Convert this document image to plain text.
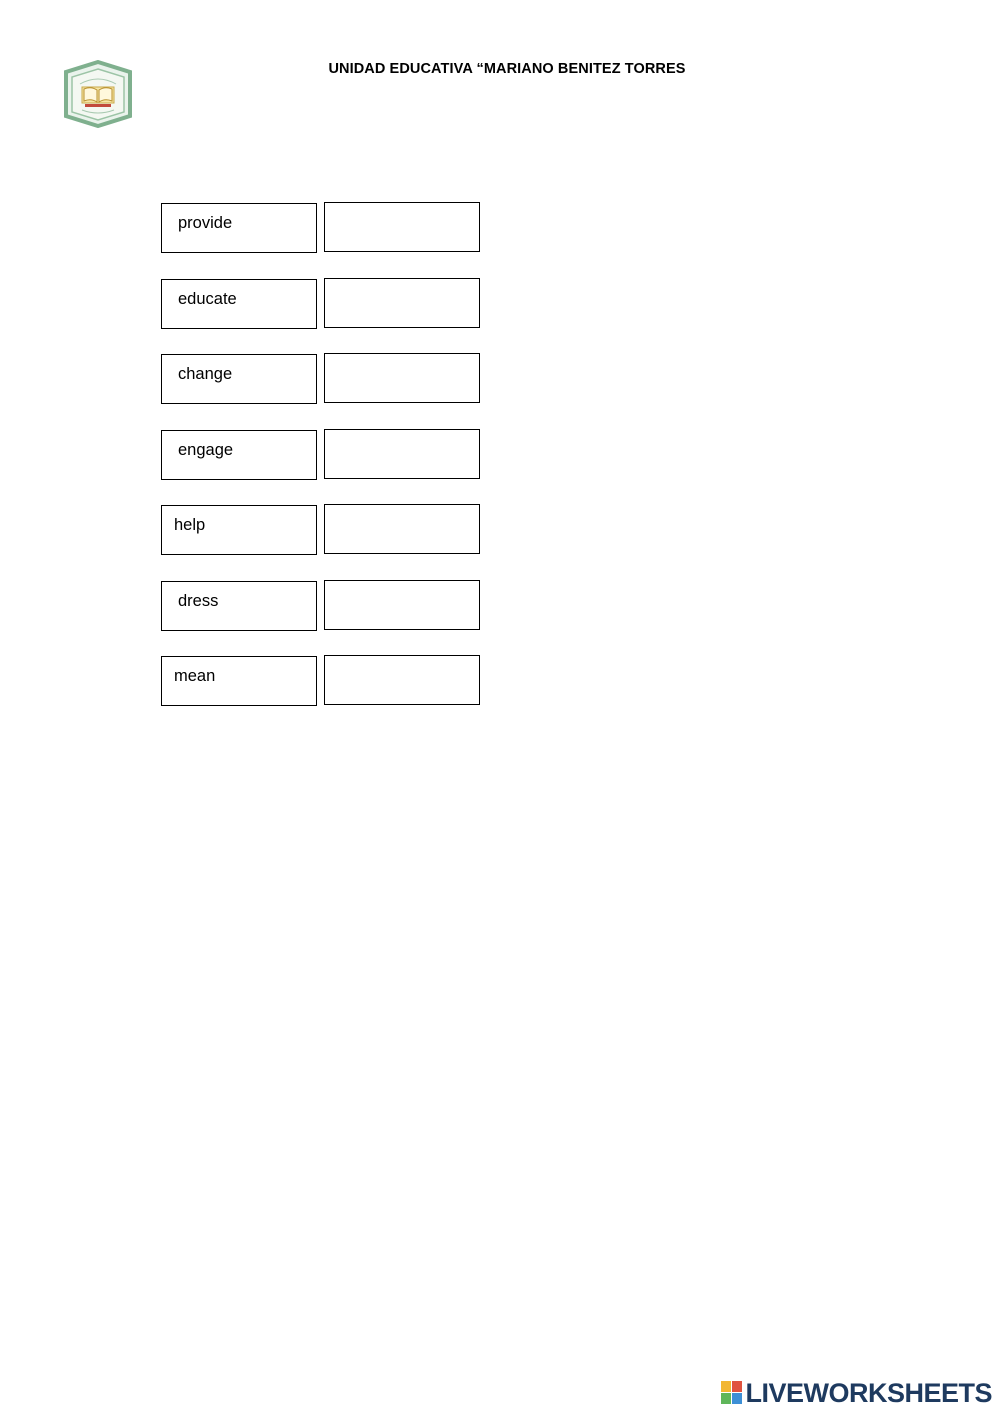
UNIDAD EDUCATIVA “MARIANO BENITEZ TORRES
provide
educate
change
engage
help
dress
mean
LIVEWORKSHEETS
